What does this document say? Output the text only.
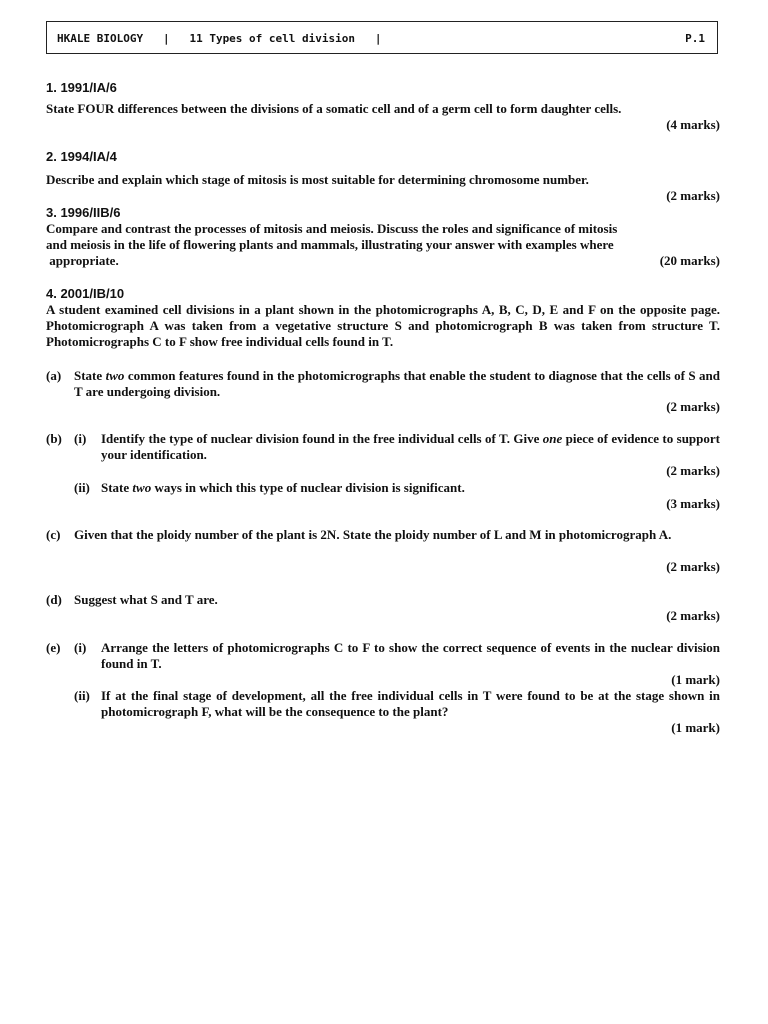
HKALE BIOLOGY   |   11 Types of cell division   |	P.1
1. 1991/IA/6
State FOUR differences between the divisions of a somatic cell and of a germ cell to form daughter cells.
(4 marks)
2. 1994/IA/4
Describe and explain which stage of mitosis is most suitable for determining chromosome number.
(2 marks)
3. 1996/IIB/6
Compare and contrast the processes of mitosis and meiosis. Discuss the roles and significance of mitosis
and meiosis in the life of flowering plants and mammals, illustrating your answer with examples where
appropriate.	(20 marks)
4. 2001/IB/10
A student examined cell divisions in a plant shown in the photomicrographs A, B, C, D, E and F on the opposite page. Photomicrograph A was taken from a vegetative structure S and photomicrograph B was taken from structure T. Photomicrographs C to F show free individual cells found in T.
(a) State two common features found in the photomicrographs that enable the student to diagnose that the cells of S and T are undergoing division.
(2 marks)
(b) (i) Identify the type of nuclear division found in the free individual cells of T. Give one piece of evidence to support your identification.
(2 marks)
(ii) State two ways in which this type of nuclear division is significant.
(3 marks)
(c) Given that the ploidy number of the plant is 2N. State the ploidy number of L and M in photomicrograph A.
(2 marks)
(d) Suggest what S and T are.
(2 marks)
(e) (i) Arrange the letters of photomicrographs C to F to show the correct sequence of events in the nuclear division found in T.
(1 mark)
(ii) If at the final stage of development, all the free individual cells in T were found to be at the stage shown in photomicrograph F, what will be the consequence to the plant?
(1 mark)
